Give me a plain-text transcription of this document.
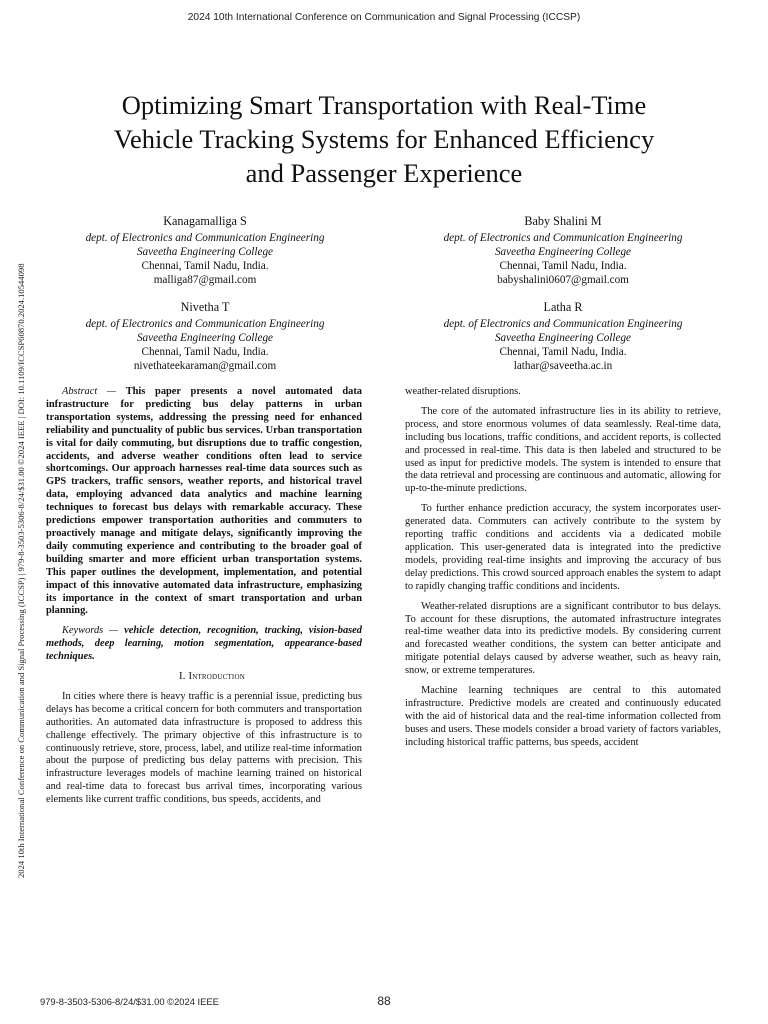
2024 10th International Conference on Communication and Signal Processing (ICCSP)
2024 10th International Conference on Communication and Signal Processing (ICCSP) | 979-8-3503-5306-8/24/$31.00 ©2024 IEEE | DOI: 10.1109/ICCSP60870.2024.10544098
Optimizing Smart Transportation with Real-Time
Vehicle Tracking Systems for Enhanced Efficiency
and Passenger Experience
Kanagamalliga S
dept. of Electronics and Communication Engineering
Saveetha Engineering College
Chennai, Tamil Nadu, India.
malliga87@gmail.com
Baby Shalini M
dept. of Electronics and Communication Engineering
Saveetha Engineering College
Chennai, Tamil Nadu, India.
babyshalini0607@gmail.com
Nivetha T
dept. of Electronics and Communication Engineering
Saveetha Engineering College
Chennai, Tamil Nadu, India.
nivethateekaraman@gmail.com
Latha R
dept. of Electronics and Communication Engineering
Saveetha Engineering College
Chennai, Tamil Nadu, India.
lathar@saveetha.ac.in

Abstract — This paper presents a novel automated data infrastructure for predicting bus delay patterns in urban transportation systems, addressing the pressing need for enhanced reliability and punctuality of public bus services. Urban transportation is vital for daily commuting, but disruptions due to traffic congestion, accidents, and adverse weather conditions often lead to service shortcomings. Our approach harnesses real-time data sources such as GPS trackers, traffic sensors, weather reports, and historical travel data, employing advanced data analytics and machine learning techniques to forecast bus delays with remarkable accuracy. These predictions empower transportation authorities and commuters to proactively manage and mitigate delays, significantly improving the daily commuting experience and contributing to the broader goal of building smarter and more efficient urban transportation systems. This paper outlines the development, implementation, and potential impact of this innovative automated data infrastructure, emphasizing its importance in the context of smart transportation and urban planning.

Keywords — vehicle detection, recognition, tracking, vision-based methods, deep learning, motion segmentation, appearance-based techniques.

I. Introduction

In cities where there is heavy traffic is a perennial issue, predicting bus delays has become a critical concern for both commuters and transportation authorities. An automated data infrastructure is proposed to address this challenge effectively. The primary objective of this infrastructure is to continuously retrieve, store, process, label, and utilize real-time information about the purpose of predicting bus delay patterns with precision. This infrastructure leverages models of machine learning trained on historical and real-time data to forecast bus arrival times, incorporating various elements like current traffic conditions, bus speeds, accidents, and

weather-related disruptions.

The core of the automated infrastructure lies in its ability to retrieve, process, and store enormous volumes of data seamlessly. Real-time data, including bus locations, traffic conditions, and accident reports, is collected and processed in real-time. This data is then labeled and structured to be used as input for predictive models. The system is intended to ensure that the data retrieval and processing are continuous and automatic, allowing for up-to-the-minute predictions.

To further enhance prediction accuracy, the system incorporates user-generated data. Commuters can actively contribute to the system by reporting traffic conditions and accidents via a dedicated mobile application. This user-generated data is integrated into the predictive models, providing real-time insights and improving the accuracy of bus delay predictions. This crowd sourced approach enables the system to adapt to rapidly changing traffic conditions and incidents.

Weather-related disruptions are a significant contributor to bus delays. To account for these disruptions, the automated infrastructure integrates real-time weather data into its predictive models. By considering current and forecasted weather conditions, the system can better anticipate and mitigate potential delays caused by adverse weather, such as heavy rain, snow, or extreme temperatures.

Machine learning techniques are central to this automated infrastructure. Predictive models are created and continuously educated with the aid of historical data and the real-time information collected from buses and users. These models consider a broad variety of factors variables, including historical traffic patterns, bus speeds, accident

979-8-3503-5306-8/24/$31.00 ©2024 IEEE	88
